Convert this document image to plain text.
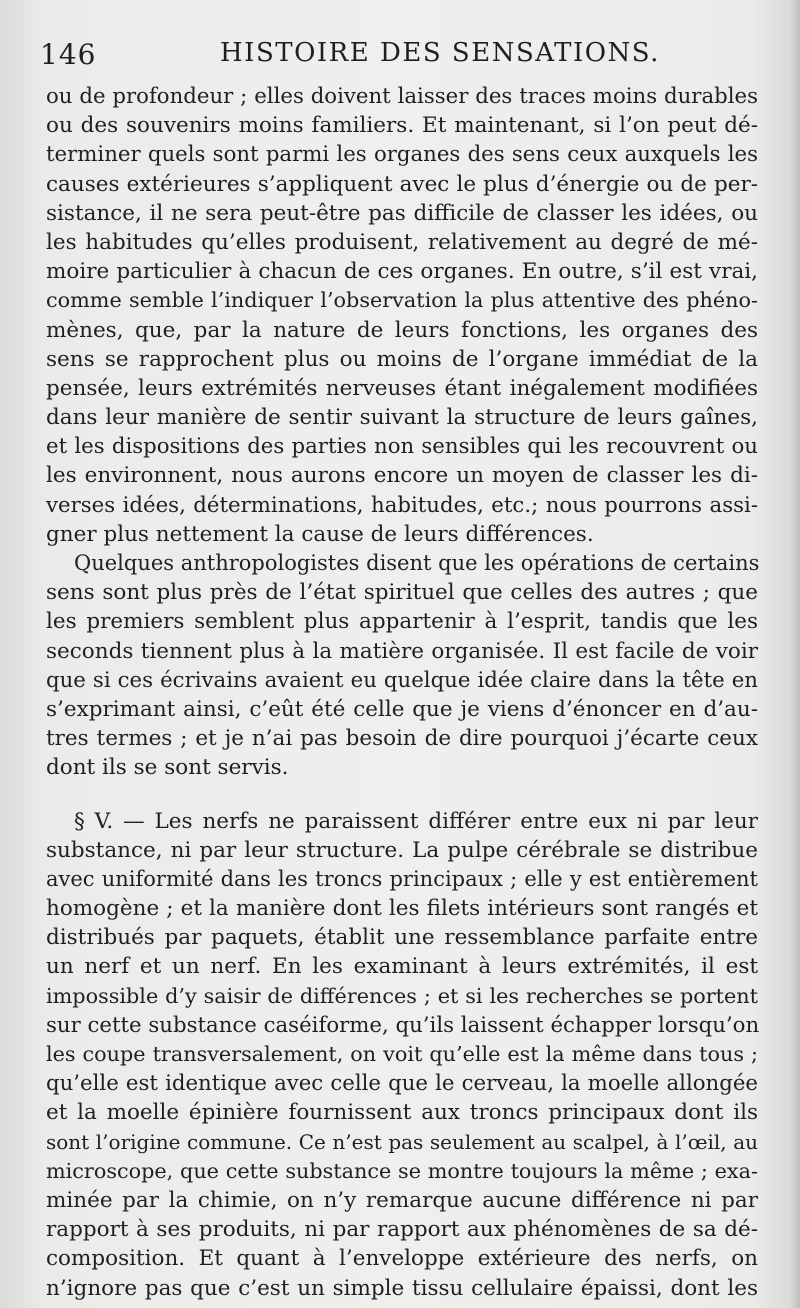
146	HISTOIRE DES SENSATIONS.
ou de profondeur ; elles doivent laisser des traces moins durables
ou des souvenirs moins familiers. Et maintenant, si l’on peut dé-
terminer quels sont parmi les organes des sens ceux auxquels les
causes extérieures s’appliquent avec le plus d’énergie ou de per-
sistance, il ne sera peut-être pas difficile de classer les idées, ou
les habitudes qu’elles produisent, relativement au degré de mé-
moire particulier à chacun de ces organes. En outre, s’il est vrai,
comme semble l’indiquer l’observation la plus attentive des phéno-
mènes, que, par la nature de leurs fonctions, les organes des
sens se rapprochent plus ou moins de l’organe immédiat de la
pensée, leurs extrémités nerveuses étant inégalement modifiées
dans leur manière de sentir suivant la structure de leurs gaînes,
et les dispositions des parties non sensibles qui les recouvrent ou
les environnent, nous aurons encore un moyen de classer les di-
verses idées, déterminations, habitudes, etc.; nous pourrons assi-
gner plus nettement la cause de leurs différences.
Quelques anthropologistes disent que les opérations de certains
sens sont plus près de l’état spirituel que celles des autres ; que
les premiers semblent plus appartenir à l’esprit, tandis que les
seconds tiennent plus à la matière organisée. Il est facile de voir
que si ces écrivains avaient eu quelque idée claire dans la tête en
s’exprimant ainsi, c’eût été celle que je viens d’énoncer en d’au-
tres termes ; et je n’ai pas besoin de dire pourquoi j’écarte ceux
dont ils se sont servis.
§ V. — Les nerfs ne paraissent différer entre eux ni par leur
substance, ni par leur structure. La pulpe cérébrale se distribue
avec uniformité dans les troncs principaux ; elle y est entièrement
homogène ; et la manière dont les filets intérieurs sont rangés et
distribués par paquets, établit une ressemblance parfaite entre
un nerf et un nerf. En les examinant à leurs extrémités, il est
impossible d’y saisir de différences ; et si les recherches se portent
sur cette substance caséiforme, qu’ils laissent échapper lorsqu’on
les coupe transversalement, on voit qu’elle est la même dans tous ;
qu’elle est identique avec celle que le cerveau, la moelle allongée
et la moelle épinière fournissent aux troncs principaux dont ils
sont l’origine commune. Ce n’est pas seulement au scalpel, à l’œil, au
microscope, que cette substance se montre toujours la même ; exa-
minée par la chimie, on n’y remarque aucune différence ni par
rapport à ses produits, ni par rapport aux phénomènes de sa dé-
composition. Et quant à l’enveloppe extérieure des nerfs, on
n’ignore pas que c’est un simple tissu cellulaire épaissi, dont les
